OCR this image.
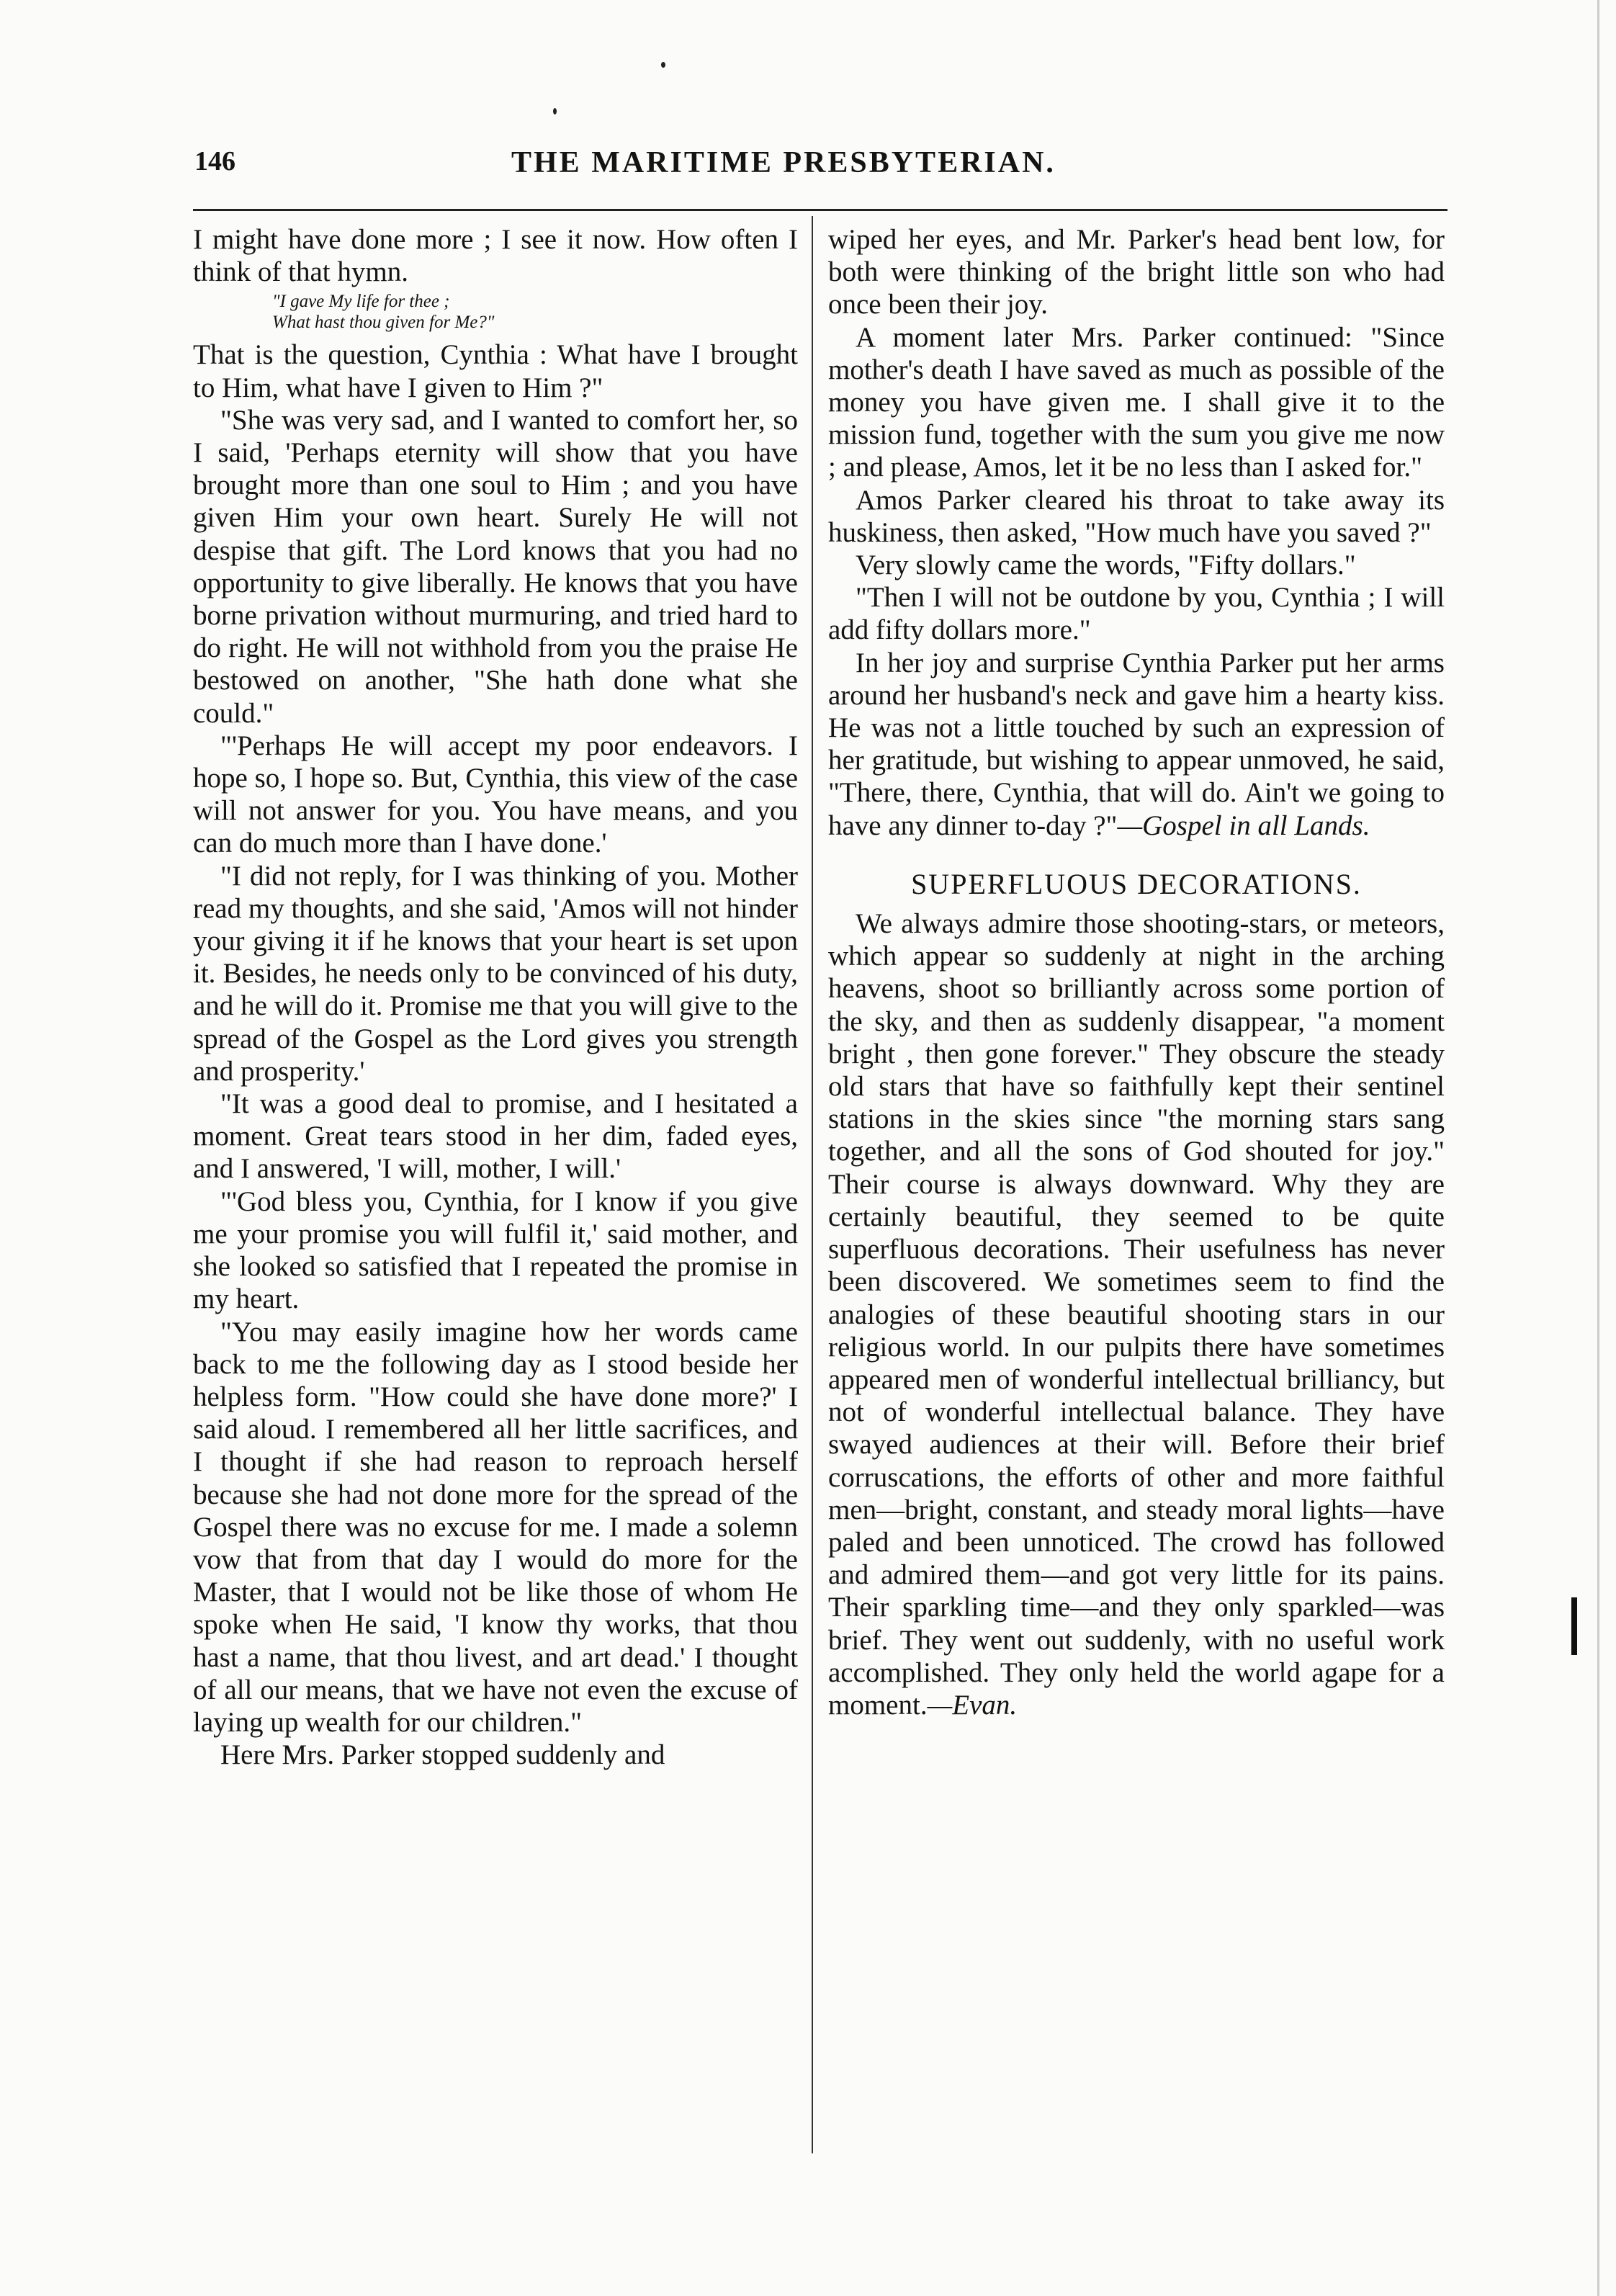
146	THE MARITIME PRESBYTERIAN.

I might have done more ; I see it now. How often I think of that hymn.

"I gave My life for thee ;
What hast thou given for Me?"

That is the question, Cynthia : What have I brought to Him, what have I given to Him ?"

"She was very sad, and I wanted to comfort her, so I said, 'Perhaps eternity will show that you have brought more than one soul to Him ; and you have given Him your own heart. Surely He will not despise that gift. The Lord knows that you had no opportunity to give liberally. He knows that you have borne privation without murmuring, and tried hard to do right. He will not withhold from you the praise He bestowed on another, "She hath done what she could."

"'Perhaps He will accept my poor endeavors. I hope so, I hope so. But, Cynthia, this view of the case will not answer for you. You have means, and you can do much more than I have done.'

"I did not reply, for I was thinking of you. Mother read my thoughts, and she said, 'Amos will not hinder your giving it if he knows that your heart is set upon it. Besides, he needs only to be convinced of his duty, and he will do it. Promise me that you will give to the spread of the Gospel as the Lord gives you strength and prosperity.'

"It was a good deal to promise, and I hesitated a moment. Great tears stood in her dim, faded eyes, and I answered, 'I will, mother, I will.'

"'God bless you, Cynthia, for I know if you give me your promise you will fulfil it,' said mother, and she looked so satisfied that I repeated the promise in my heart.

"You may easily imagine how her words came back to me the following day as I stood beside her helpless form. "How could she have done more?' I said aloud. I remembered all her little sacrifices, and I thought if she had reason to reproach herself because she had not done more for the spread of the Gospel there was no excuse for me. I made a solemn vow that from that day I would do more for the Master, that I would not be like those of whom He spoke when He said, 'I know thy works, that thou hast a name, that thou livest, and art dead.' I thought of all our means, that we have not even the excuse of laying up wealth for our children."

Here Mrs. Parker stopped suddenly and

wiped her eyes, and Mr. Parker's head bent low, for both were thinking of the bright little son who had once been their joy.

A moment later Mrs. Parker continued: "Since mother's death I have saved as much as possible of the money you have given me. I shall give it to the mission fund, together with the sum you give me now ; and please, Amos, let it be no less than I asked for."

Amos Parker cleared his throat to take away its huskiness, then asked, "How much have you saved ?"

Very slowly came the words, "Fifty dollars."

"Then I will not be outdone by you, Cynthia ; I will add fifty dollars more."

In her joy and surprise Cynthia Parker put her arms around her husband's neck and gave him a hearty kiss. He was not a little touched by such an expression of her gratitude, but wishing to appear unmoved, he said, "There, there, Cynthia, that will do. Ain't we going to have any dinner to-day ?"—Gospel in all Lands.

SUPERFLUOUS DECORATIONS.

We always admire those shooting-stars, or meteors, which appear so suddenly at night in the arching heavens, shoot so brilliantly across some portion of the sky, and then as suddenly disappear, "a moment bright , then gone forever." They obscure the steady old stars that have so faithfully kept their sentinel stations in the skies since "the morning stars sang together, and all the sons of God shouted for joy." Their course is always downward. Why they are certainly beautiful, they seemed to be quite superfluous decorations. Their usefulness has never been discovered. We sometimes seem to find the analogies of these beautiful shooting stars in our religious world. In our pulpits there have sometimes appeared men of wonderful intellectual brilliancy, but not of wonderful intellectual balance. They have swayed audiences at their will. Before their brief corruscations, the efforts of other and more faithful men—bright, constant, and steady moral lights—have paled and been unnoticed. The crowd has followed and admired them—and got very little for its pains. Their sparkling time—and they only sparkled—was brief. They went out suddenly, with no useful work accomplished. They only held the world agape for a moment.—Evan.
